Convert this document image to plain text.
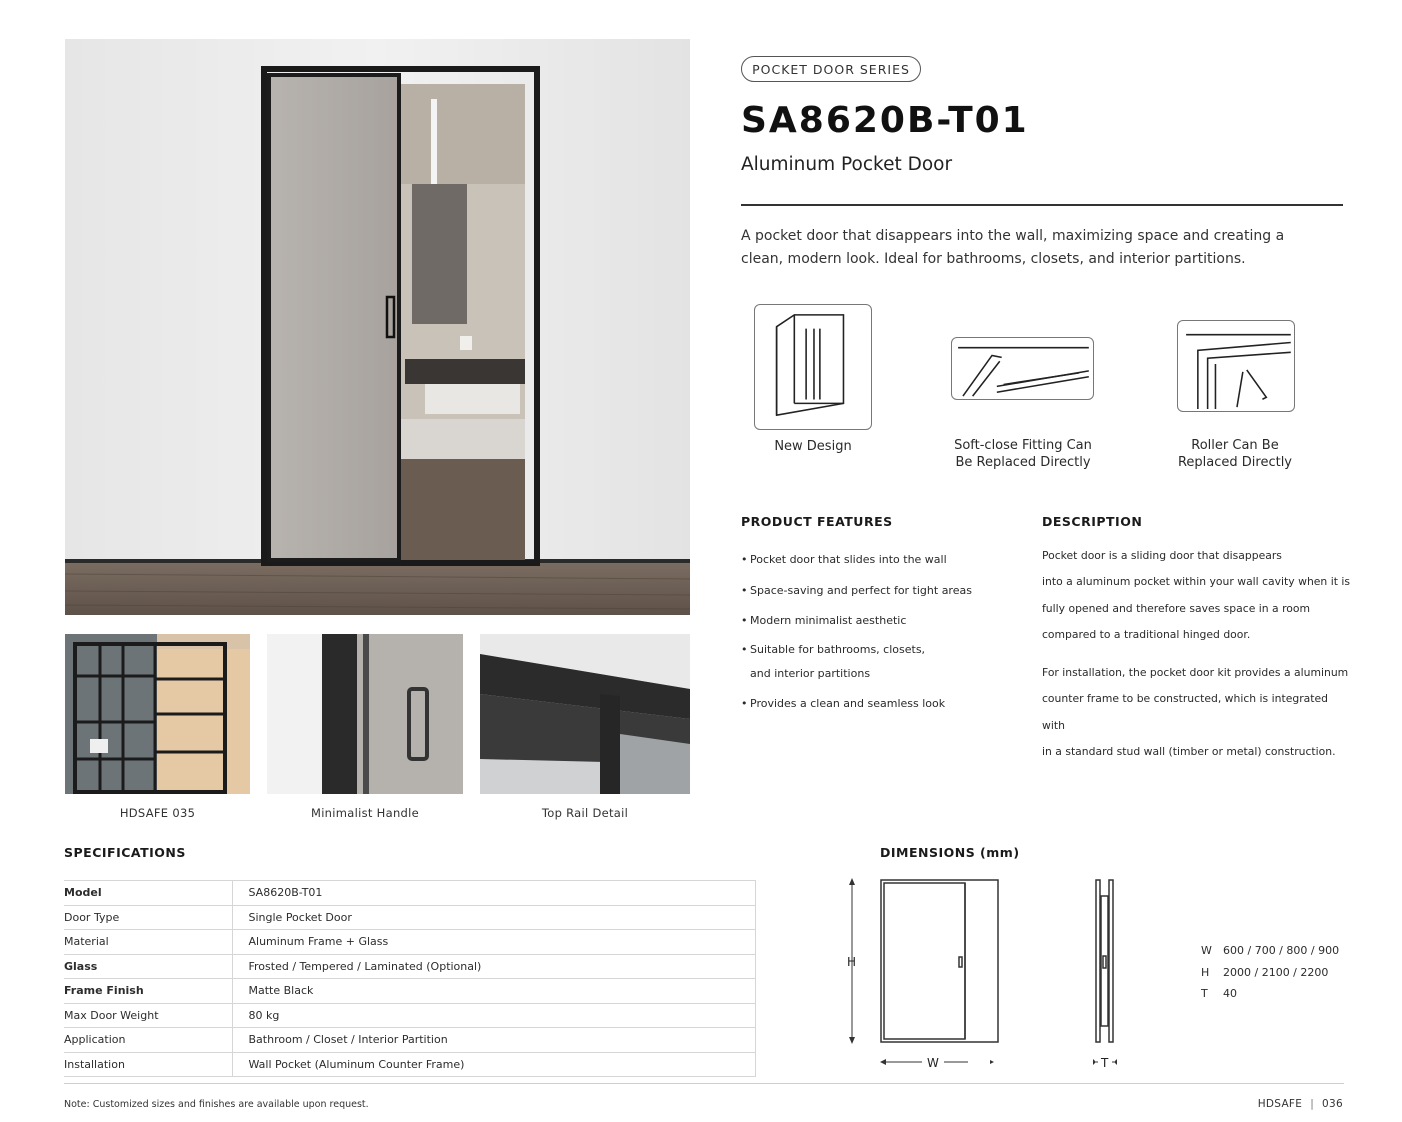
HDSAFE 035	Minimalist Handle	Top Rail Detail
POCKET DOOR SERIES
SA8620B-T01
Aluminum Pocket Door
A pocket door that disappears into the wall, maximizing space and creating a clean, modern look. Ideal for bathrooms, closets, and interior partitions.
New Design	Soft-close Fitting Can
Be Replaced Directly
Roller Can Be
Replaced Directly
PRODUCT FEATURES
• Pocket door that slides into the wall
• Space-saving and perfect for tight areas
• Modern minimalist aesthetic
• Suitable for bathrooms, closets,
and interior partitions
• Provides a clean and seamless look
DESCRIPTION
Pocket door is a sliding door that disappears
into a aluminum pocket within your wall cavity when it is
fully opened and therefore saves space in a room
compared to a traditional hinged door.
For installation, the pocket door kit provides a aluminum
counter frame to be constructed, which is integrated with
in a standard stud wall (timber or metal) construction.
SPECIFICATIONS
Model	SA8620B-T01
Door Type	Single Pocket Door
Material	Aluminum Frame + Glass
Glass	Frosted / Tempered / Laminated (Optional)
Frame Finish	Matte Black
Max Door Weight	80 kg
Application	Bathroom / Closet / Interior Partition
Installation	Wall Pocket (Aluminum Counter Frame)
DIMENSIONS (mm)
H
W	T
W	600 / 700 / 800 / 900
H	2000 / 2100 / 2200
T	40
Note: Customized sizes and finishes are available upon request.	HDSAFE | 036
